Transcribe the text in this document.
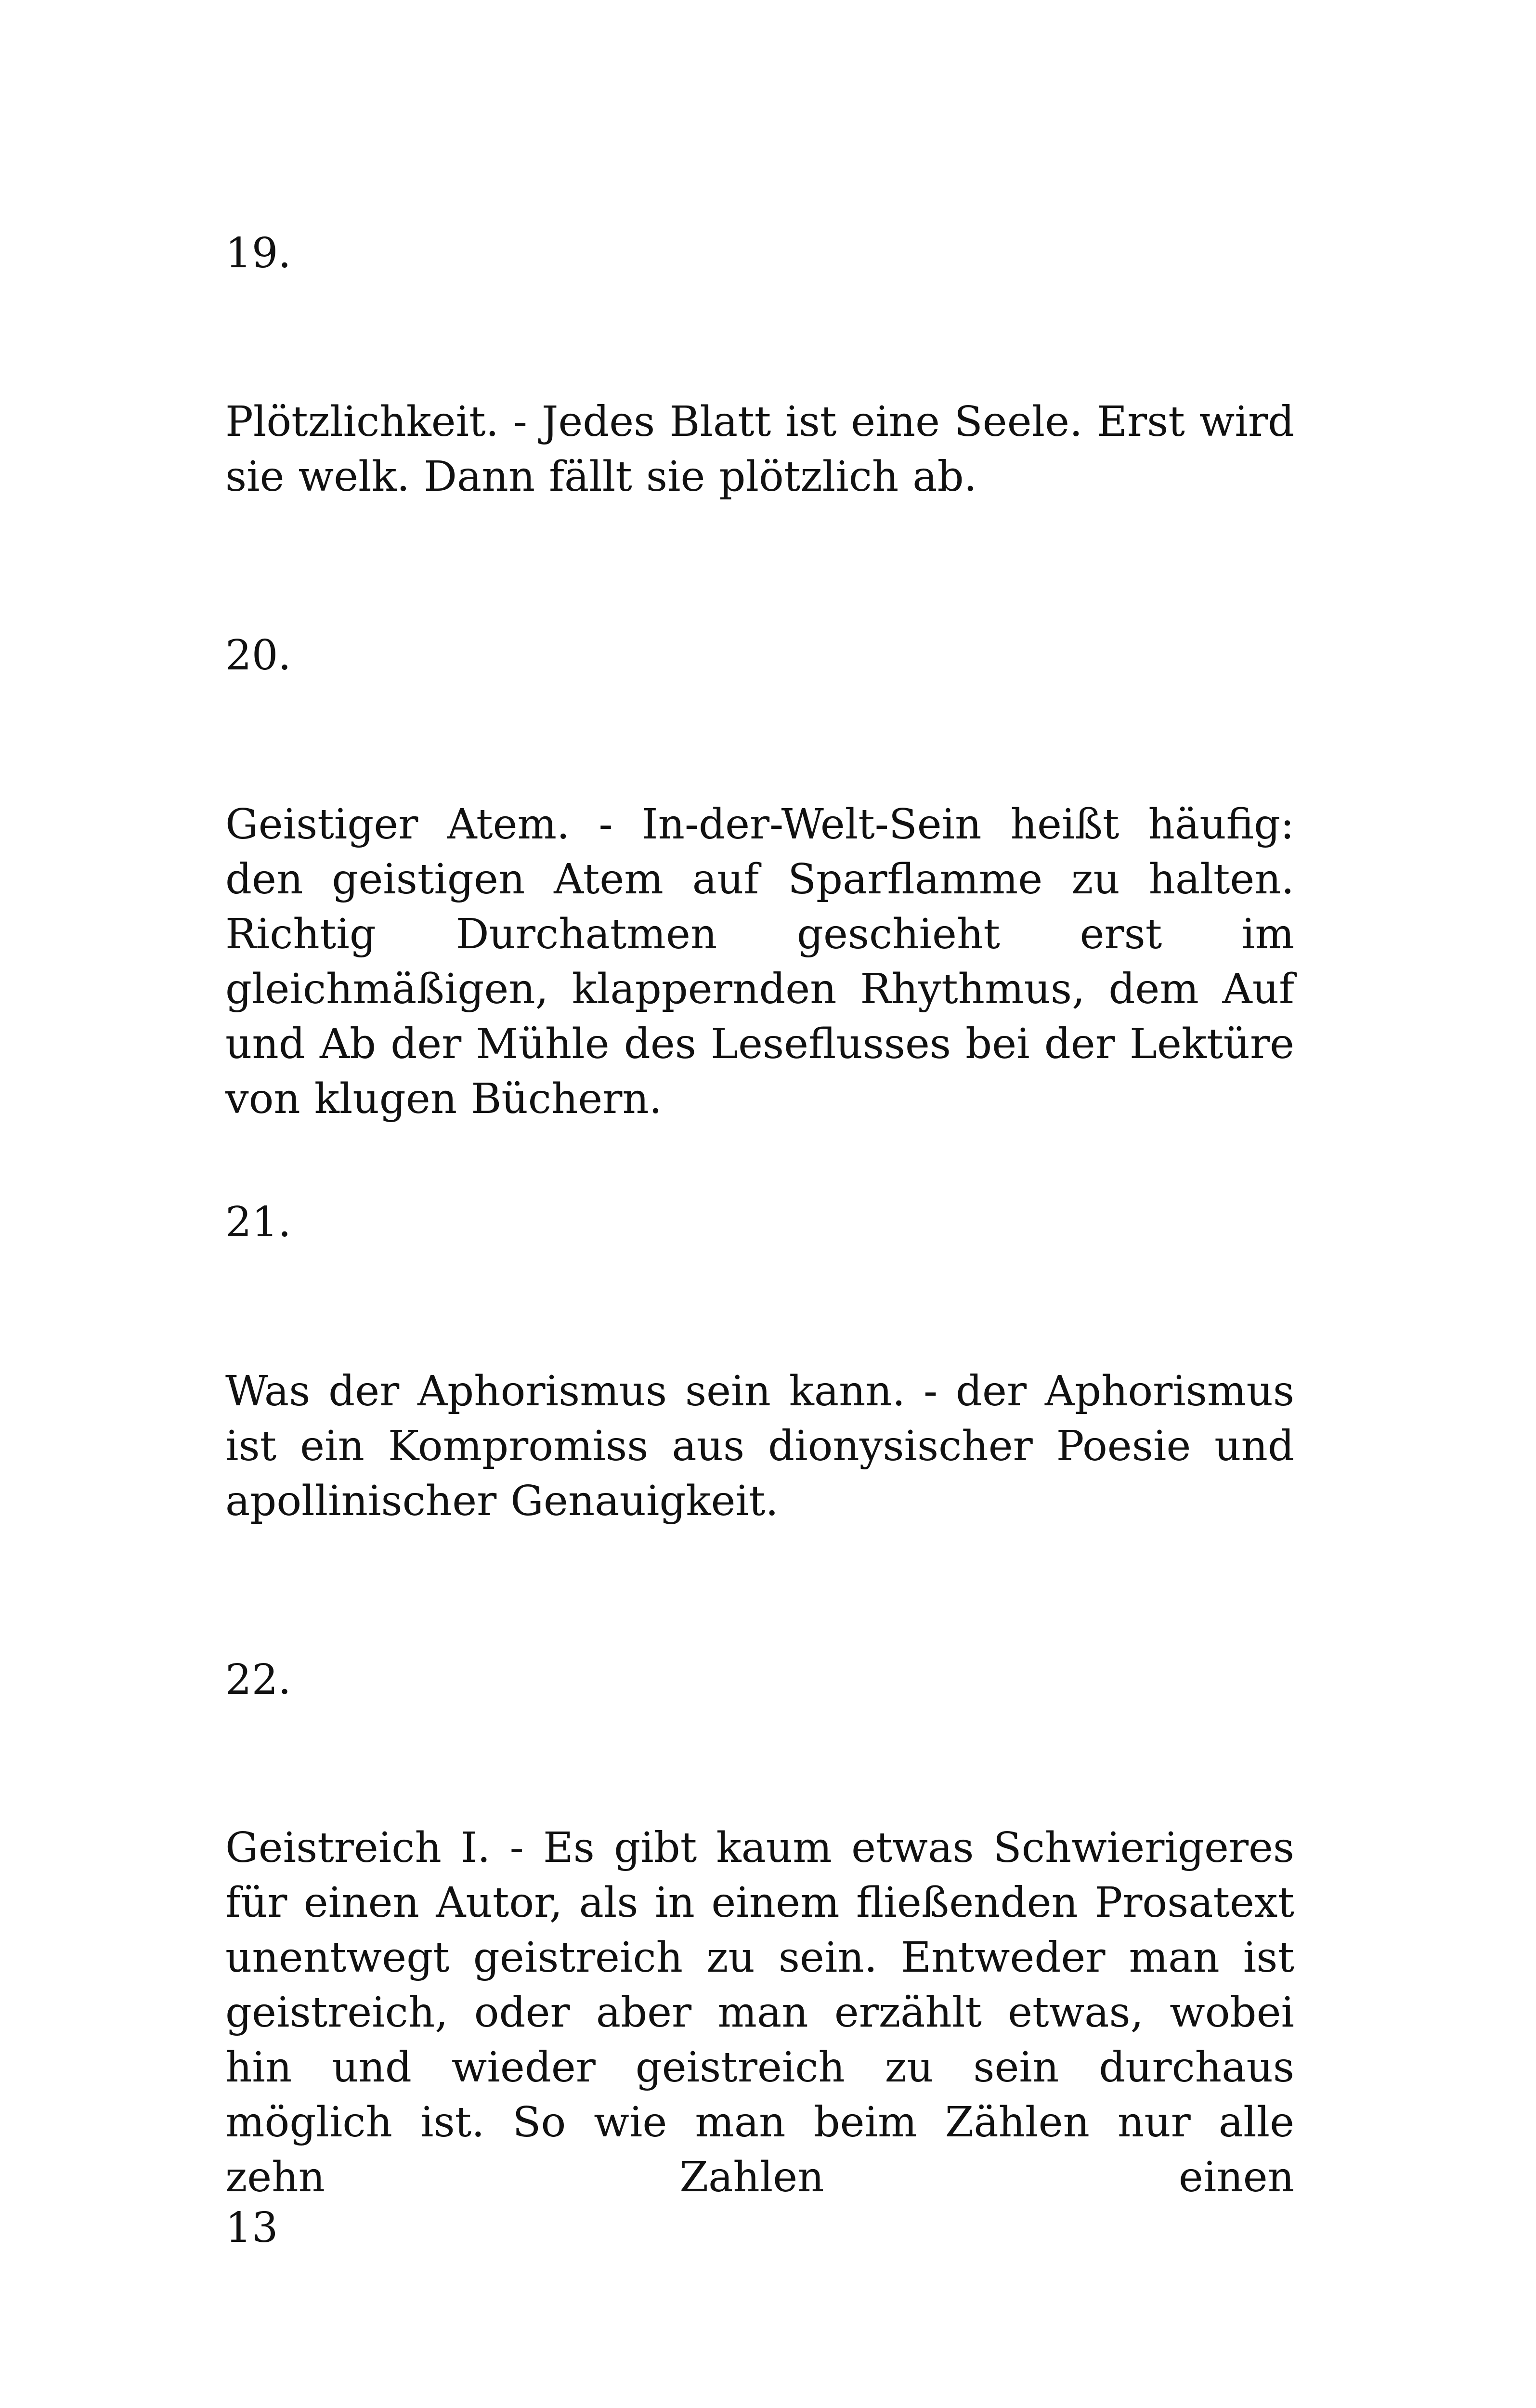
19.

Plötzlichkeit. - Jedes Blatt ist eine Seele. Erst wird sie welk. Dann fällt sie plötzlich ab.

20.

Geistiger Atem. - In-der-Welt-Sein heißt häufig: den geistigen Atem auf Sparflamme zu halten. Richtig Durchatmen geschieht erst im gleichmäßigen, klappernden Rhythmus, dem Auf und Ab der Mühle des Leseflusses bei der Lektüre von klugen Büchern.

21.

Was der Aphorismus sein kann. - der Aphorismus ist ein Kompromiss aus dionysischer Poesie und apollinischer Genauigkeit.

22.

Geistreich I. - Es gibt kaum etwas Schwierigeres für einen Autor, als in einem fließenden Prosatext unentwegt geistreich zu sein. Entweder man ist geistreich, oder aber man erzählt etwas, wobei hin und wieder geistreich zu sein durchaus möglich ist. So wie man beim Zählen nur alle zehn Zahlen einen

13
